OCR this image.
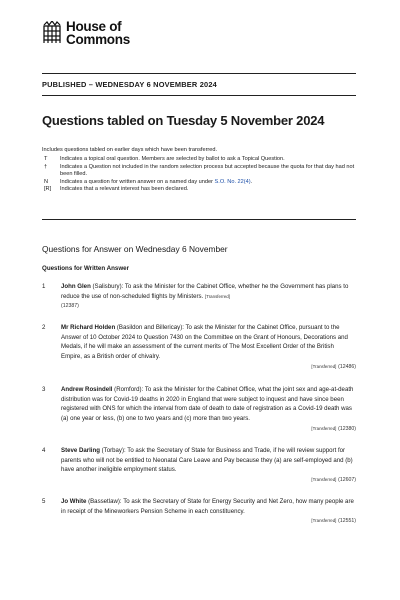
House of
Commons
PUBLISHED – WEDNESDAY 6 NOVEMBER 2024
Questions tabled on Tuesday 5 November 2024
Includes questions tabled on earlier days which have been transferred.
T	Indicates a topical oral question. Members are selected by ballot to ask a Topical Question.
†	Indicates a Question not included in the random selection process but accepted because the quota for that day had not been filled.
N	Indicates a question for written answer on a named day under S.O. No. 22(4).
[R]	Indicates that a relevant interest has been declared.
Questions for Answer on Wednesday 6 November
Questions for Written Answer
1	John Glen (Salisbury): To ask the Minister for the Cabinet Office, whether he the Government has plans to reduce the use of non-scheduled flights by Ministers. [Transferred]
(12387)
2	Mr Richard Holden (Basildon and Billericay): To ask the Minister for the Cabinet Office, pursuant to the Answer of 10 October 2024 to Question 7430 on the Committee on the Grant of Honours, Decorations and Medals, if he will make an assessment of the current merits of The Most Excellent Order of the British Empire, as a British order of chivalry.
[Transferred] (12486)
3	Andrew Rosindell (Romford): To ask the Minister for the Cabinet Office, what the joint sex and age-at-death distribution was for Covid-19 deaths in 2020 in England that were subject to inquest and have since been registered with ONS for which the interval from date of death to date of registration as a Covid-19 death was (a) one year or less, (b) one to two years and (c) more than two years.
[Transferred] (12380)
4	Steve Darling (Torbay): To ask the Secretary of State for Business and Trade, if he will review support for parents who will not be entitled to Neonatal Care Leave and Pay because they (a) are self-employed and (b) have another ineligible employment status.
[Transferred] (12607)
5	Jo White (Bassetlaw): To ask the Secretary of State for Energy Security and Net Zero, how many people are in receipt of the Mineworkers Pension Scheme in each constituency.
[Transferred] (12551)
